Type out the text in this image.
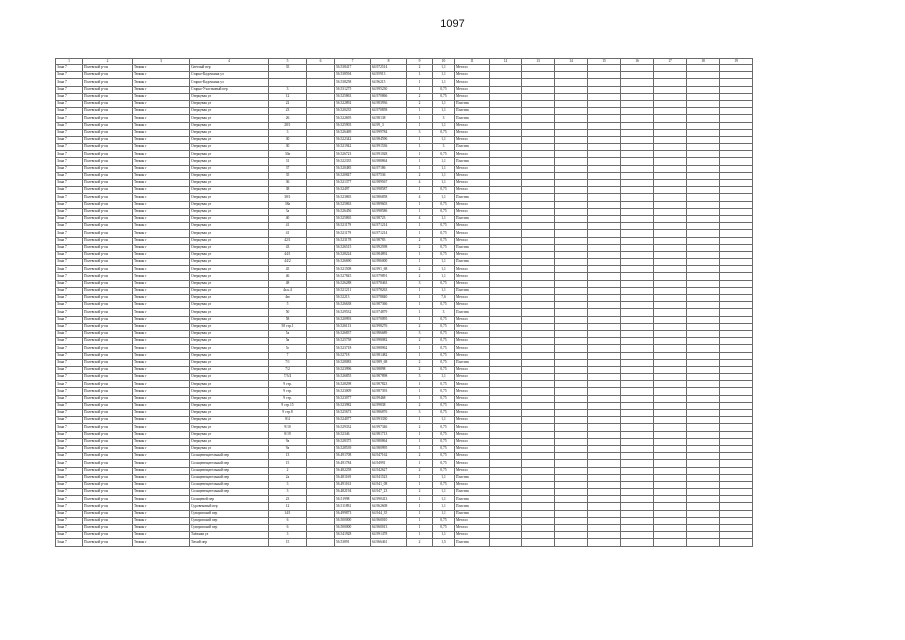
1097
1	2	3	4	5	6	7	8	9	10	11	12	13	14	15	16	17	18	19
Зона 7	Полевской р-он	Тюкин г	Светлый пер	35		56.538417	64.972514	2	1,1	Металл								
Зона 7	Полевской р-он	Тюкин г	Старко-Кадочкина ул			56.538594	64.95913	1	1,1	Металл								
Зона 7	Полевской р-он	Тюкин г	Старко-Кадочкина ул			56.538258	64.96215	1	1,1	Металл								
Зона 7	Полевской р-он	Тюкин г	Старко-Участковый пер	3		56.531275	64.995230	1	0,75	Металл								
Зона 7	Полевской р-он	Тюкин г	Озерцевая ул	12		56.525863	64.970866	2	0,75	Металл								
Зона 7	Полевской р-он	Тюкин г	Озерцевая ул	22		56.522892	64.983936	2	1,1	Пластик								
Зона 7	Полевской р-он	Тюкин г	Озерцевая ул	23		56.520235	64.970858	1	1,1	Пластик								
Зона 7	Полевской р-он	Тюкин г	Озерцевая ул	26		56.522695	64.98138	1	3	Пластик								
Зона 7	Полевской р-он	Тюкин г	Озерцевая ул	28/1		56.525903	64.99_3	1	1,1	Металл								
Зона 7	Полевской р-он	Тюкин г	Озерцевая ул	3		56.526469	64.999784	3	0,75	Металл								
Зона 7	Полевской р-он	Тюкин г	Озерцевая ул	30		56.522342	64.984596	1	1,1	Металл								
Зона 7	Полевской р-он	Тюкин г	Озерцевая ул	30		56.521942	64.991536	1	3	Пластик								
Зона 7	Полевской р-он	Тюкин г	Озерцевая ул	30а		56.526723	64.991028	1	0,75	Металл								
Зона 7	Полевской р-он	Тюкин г	Озерцевая ул	31		56.522335	64.988864	1	1,1	Пластик								
Зона 7	Полевской р-он	Тюкин г	Озерцевая ул	37		56.520485	64.97186	1	1,1	Металл								
Зона 7	Полевской р-он	Тюкин г	Озерцевая ул	35		56.520847	64.97536	2	1,1	Металл								
Зона 7	Полевской р-он	Тюкин г	Озерцевая ул	36		56.521377	64.989567	4	1,1	Металл								
Зона 7	Полевской р-он	Тюкин г	Озерцевая ул	38		56.52497	64.998587	1	0,75	Металл								
Зона 7	Полевской р-он	Тюкин г	Озерцевая ул	38/1		56.523865	64.986858	4	1,1	Пластик								
Зона 7	Полевской р-он	Тюкин г	Озерцевая ул	38а		56.525863	64.989603	1	0,75	Металл								
Зона 7	Полевской р-он	Тюкин г	Озерцевая ул	3а		56.526456	64.998586	1	0,75	Металл								
Зона 7	Полевской р-он	Тюкин г	Озерцевая ул	40		56.525865	64.98723	4	1,1	Пластик								
Зона 7	Полевской р-он	Тюкин г	Озерцевая ул	41		56.521179	64.971214	1	0,75	Металл								
Зона 7	Полевской р-он	Тюкин г	Озерцевая ул	41		56.521179	64.971214	1	0,75	Металл								
Зона 7	Полевской р-он	Тюкин г	Озерцевая ул	42/1		56.523178	64.98783	2	0,75	Металл								
Зона 7	Полевской р-он	Тюкин г	Озерцевая ул	43		56.526515	64.992598	2	0,75	Пластик								
Зона 7	Полевской р-он	Тюкин г	Озерцевая ул	44/1		56.528224	64.984892	1	0,75	Металл								
Зона 7	Полевской р-он	Тюкин г	Озерцевая ул	44/2		56.526690	64.986000	1	1,1	Пластик								
Зона 7	Полевской р-он	Тюкин г	Озерцевая ул	45		56.521508	64.991_68	2	1,1	Металл								
Зона 7	Полевской р-он	Тюкин г	Озерцевая ул	46		56.527845	64.979891	2	1,1	Металл								
Зона 7	Полевской р-он	Тюкин г	Озерцевая ул	48		56.526288	64.978463	3	0,75	Металл								
Зона 7	Полевской р-он	Тюкин г	Озерцевая ул	4а к.4		56.521211	64.978263	1	1,1	Пластик								
Зона 7	Полевской р-он	Тюкин г	Озерцевая ул	4ю		56.52213	64.978840	1	7,6	Металл								
Зона 7	Полевской р-он	Тюкин г	Озерцевая ул	5		56.526638	64.987366	1	0,75	Металл								
Зона 7	Полевской р-он	Тюкин г	Озерцевая ул	50		56.529532	64.974879	1	3	Пластик								
Зона 7	Полевской р-он	Тюкин г	Озерцевая ул	58		56.520993	64.970095	1	0,75	Металл								
Зона 7	Полевской р-он	Тюкин г	Озерцевая ул	58 стр.1		56.526113	64.998276	2	0,75	Металл								
Зона 7	Полевской р-он	Тюкин г	Озерцевая ул	5а		56.526837	64.986689	3	0,75	Металл								
Зона 7	Полевской р-он	Тюкин г	Озерцевая ул	5в		56.525758	64.998082	2	0,75	Металл								
Зона 7	Полевской р-он	Тюкин г	Озерцевая ул	5г		56.523718	64.988962	1	0,75	Металл								
Зона 7	Полевской р-он	Тюкин г	Озерцевая ул	7		56.52718	64.981482	1	0,75	Металл								
Зона 7	Полевской р-он	Тюкин г	Озерцевая ул	7/1		56.528083	64.989_68	2	0,75	Пластик								
Зона 7	Полевской р-он	Тюкин г	Озерцевая ул	7/2		56.523996	64.98898	2	0,75	Металл								
Зона 7	Полевской р-он	Тюкин г	Озерцевая ул	7/3/4		56.526855	64.987898	3	1,1	Металл								
Зона 7	Полевской р-он	Тюкин г	Озерцевая ул	9 стр.		56.528298	64.987823	1	0,75	Металл								
Зона 7	Полевской р-он	Тюкин г	Озерцевая ул	9 стр.		56.523009	64.987393	1	0,75	Металл								
Зона 7	Полевской р-он	Тюкин г	Озерцевая ул	9 стр.		56.523077	64.99468	1	0,75	Металл								
Зона 7	Полевской р-он	Тюкин г	Озерцевая ул	9 стр.15		56.523982	64.99838	2	0,75	Металл								
Зона 7	Полевской р-он	Тюкин г	Озерцевая ул	9 стр.8		56.525673	64.986876	3	0,75	Металл								
Зона 7	Полевской р-он	Тюкин г	Озерцевая ул	8/4		56.524077	64.993330	1	1,1	Металл								
Зона 7	Полевской р-он	Тюкин г	Озерцевая ул	9/10		56.529332	64.997346	2	0,75	Металл								
Зона 7	Полевской р-он	Тюкин г	Озерцевая ул	8/19		56.52346	64.981713	1	0,75	Металл								
Зона 7	Полевской р-он	Тюкин г	Озерцевая ул	9а		56.528375	64.980864	1	0,75	Металл								
Зона 7	Полевской р-он	Тюкин г	Озерцевая ул	9а		56.528539	64.980995	1	0,75	Металл								
Зона 7	Полевской р-он	Тюкин г	Солнцевещательный пер	13		56.491708	64.947162	2	0,75	Металл								
Зона 7	Полевской р-он	Тюкин г	Солнцевещательный пер	15		56.491784	64.94991	1	0,75	Металл								
Зона 7	Полевской р-он	Тюкин г	Солнцевещательный пер	2		56.482258	64.942627	2	0,75	Металл								
Зона 7	Полевской р-он	Тюкин г	Солнцевещательный пер	2а		56.481169	64.941523	1	1,1	Пластик								
Зона 7	Полевской р-он	Тюкин г	Солнцевещательный пер	3		56.491163	64.941_08	1	0,75	Металл								
Зона 7	Полевской р-он	Тюкин г	Солнцевещательный пер	3		56.482194	64.947_23	2	1,1	Пластик								
Зона 7	Полевской р-он	Тюкин г	Солнцевой пер	23		56.51998	64.990413	1	1,1	Пластик								
Зона 7	Полевской р-он	Тюкин г	Суровековый пер	12		56.511892	64.962608	1	1,1	Пластик								
Зона 7	Полевской р-он	Тюкин г	Суворовский пер	14/1		56.499873	64.944_35	1	1,1	Пластик								
Зона 7	Полевской р-он	Тюкин г	Суворовский пер	6		56.500000	64.960010	1	0,75	Металл								
Зона 7	Полевской р-он	Тюкин г	Суворовский пер	6		56.500000	64.960013	1	0,75	Металл								
Зона 7	Полевской р-он	Тюкин г	Таёжная ул	3		56.541928	64.991478	1	1,1	Металл								
Зона 7	Полевской р-он	Тюкин г	Тихий пер	15		56.53891	64.966461	2	1,5	Пластик								
